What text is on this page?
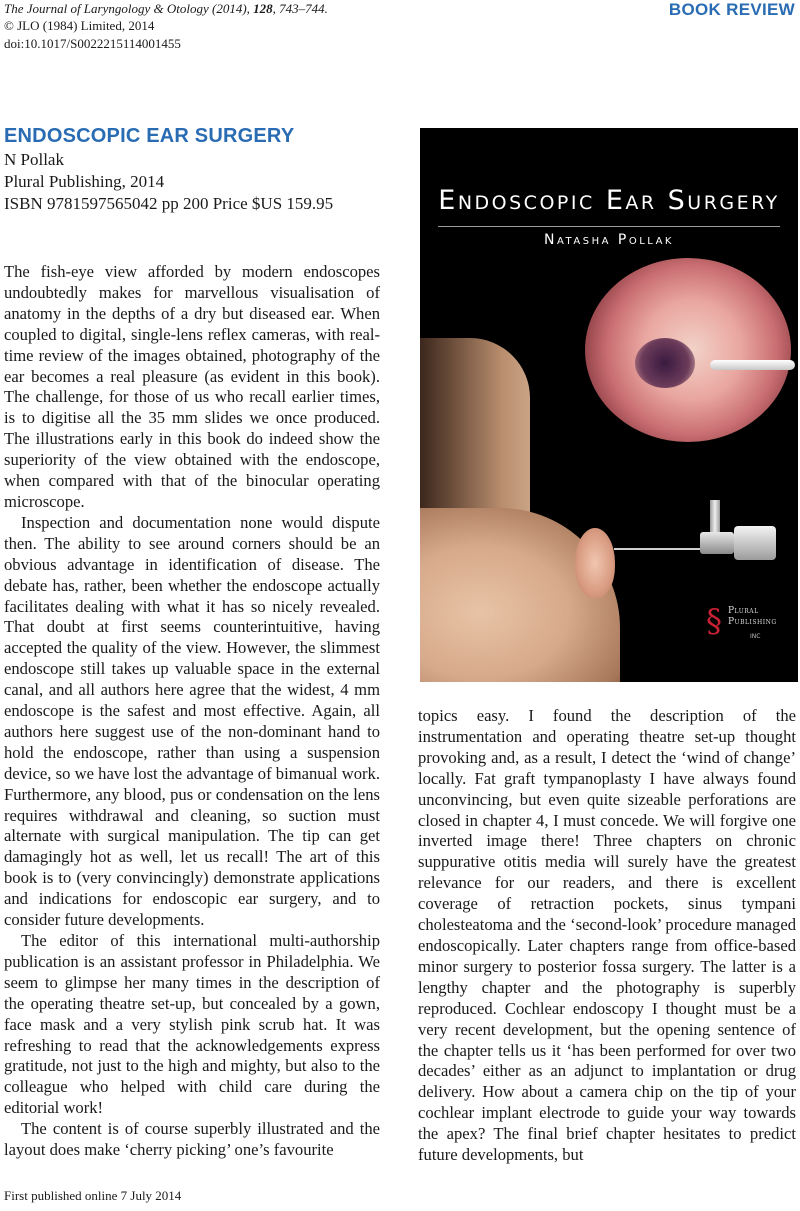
The Journal of Laryngology & Otology (2014), 128, 743–744.
© JLO (1984) Limited, 2014
doi:10.1017/S0022215114001455
BOOK REVIEW
ENDOSCOPIC EAR SURGERY
N Pollak
Plural Publishing, 2014
ISBN 9781597565042 pp 200 Price $US 159.95	Endoscopic Ear Surgery
Natasha Pollak
§ Plural Publishing
INC

The fish-eye view afforded by modern endoscopes undoubtedly makes for marvellous visualisation of anatomy in the depths of a dry but diseased ear. When coupled to digital, single-lens reflex cameras, with real-time review of the images obtained, photography of the ear becomes a real pleasure (as evident in this book). The challenge, for those of us who recall earlier times, is to digitise all the 35 mm slides we once produced. The illustrations early in this book do indeed show the superiority of the view obtained with the endoscope, when compared with that of the binocular operating microscope.

Inspection and documentation none would dispute then. The ability to see around corners should be an obvious advantage in identification of disease. The debate has, rather, been whether the endoscope actually facilitates dealing with what it has so nicely revealed. That doubt at first seems counterintuitive, having accepted the quality of the view. However, the slimmest endoscope still takes up valuable space in the external canal, and all authors here agree that the widest, 4 mm endoscope is the safest and most effective. Again, all authors here suggest use of the non-dominant hand to hold the endoscope, rather than using a suspension device, so we have lost the advantage of bimanual work. Furthermore, any blood, pus or condensation on the lens requires withdrawal and cleaning, so suction must alternate with surgical manipulation. The tip can get damagingly hot as well, let us recall! The art of this book is to (very convincingly) demonstrate applications and indications for endoscopic ear surgery, and to consider future developments.

The editor of this international multi-authorship publication is an assistant professor in Philadelphia. We seem to glimpse her many times in the description of the operating theatre set-up, but concealed by a gown, face mask and a very stylish pink scrub hat. It was refreshing to read that the acknowledgements express gratitude, not just to the high and mighty, but also to the colleague who helped with child care during the editorial work!

The content is of course superbly illustrated and the layout does make ‘cherry picking’ one’s favourite

topics easy. I found the description of the instrumentation and operating theatre set-up thought provoking and, as a result, I detect the ‘wind of change’ locally. Fat graft tympanoplasty I have always found unconvincing, but even quite sizeable perforations are closed in chapter 4, I must concede. We will forgive one inverted image there! Three chapters on chronic suppurative otitis media will surely have the greatest relevance for our readers, and there is excellent coverage of retraction pockets, sinus tympani cholesteatoma and the ‘second-look’ procedure managed endoscopically. Later chapters range from office-based minor surgery to posterior fossa surgery. The latter is a lengthy chapter and the photography is superbly reproduced. Cochlear endoscopy I thought must be a very recent development, but the opening sentence of the chapter tells us it ‘has been performed for over two decades’ either as an adjunct to implantation or drug delivery. How about a camera chip on the tip of your cochlear implant electrode to guide your way towards the apex? The final brief chapter hesitates to predict future developments, but

First published online 7 July 2014
